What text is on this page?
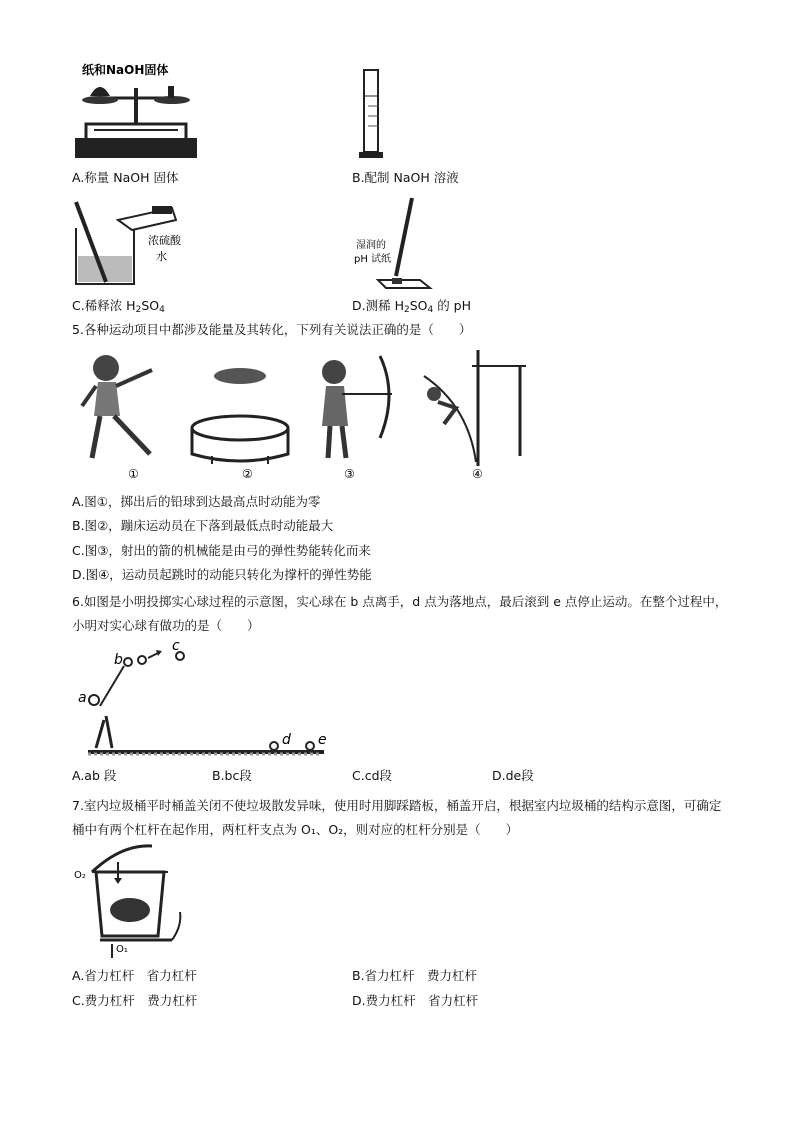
纸和NaOH固体
A.称量 NaOH 固体	B.配制 NaOH 溶液
浓硫酸
水
湿润的
pH 试纸
C.稀释浓 $H_2SO_4$	D.测稀 $H_2SO_4$ 的 pH
5.各种运动项目中都涉及能量及其转化，下列有关说法正确的是（　　）
①	②	③	④
A.图①，掷出后的铅球到达最高点时动能为零
B.图②，蹦床运动员在下落到最低点时动能最大
C.图③，射出的箭的机械能是由弓的弹性势能转化而来
D.图④，运动员起跳时的动能只转化为撑杆的弹性势能
6.如图是小明投掷实心球过程的示意图，实心球在 b 点离手，d 点为落地点，最后滚到 e 点停止运动。在整个过程中，小明对实心球有做功的是（　　）
a
b
c
d e
A.ab 段	B.bc段	C.cd段	D.de段
7.室内垃圾桶平时桶盖关闭不使垃圾散发异味，使用时用脚踩踏板，桶盖开启，根据室内垃圾桶的结构示意图，可确定桶中有两个杠杆在起作用，两杠杆支点为 O₁、O₂，则对应的杠杆分别是（　　）
O₂
O₁
A.省力杠杆　省力杠杆	B.省力杠杆　费力杠杆
C.费力杠杆　费力杠杆	D.费力杠杆　省力杠杆
